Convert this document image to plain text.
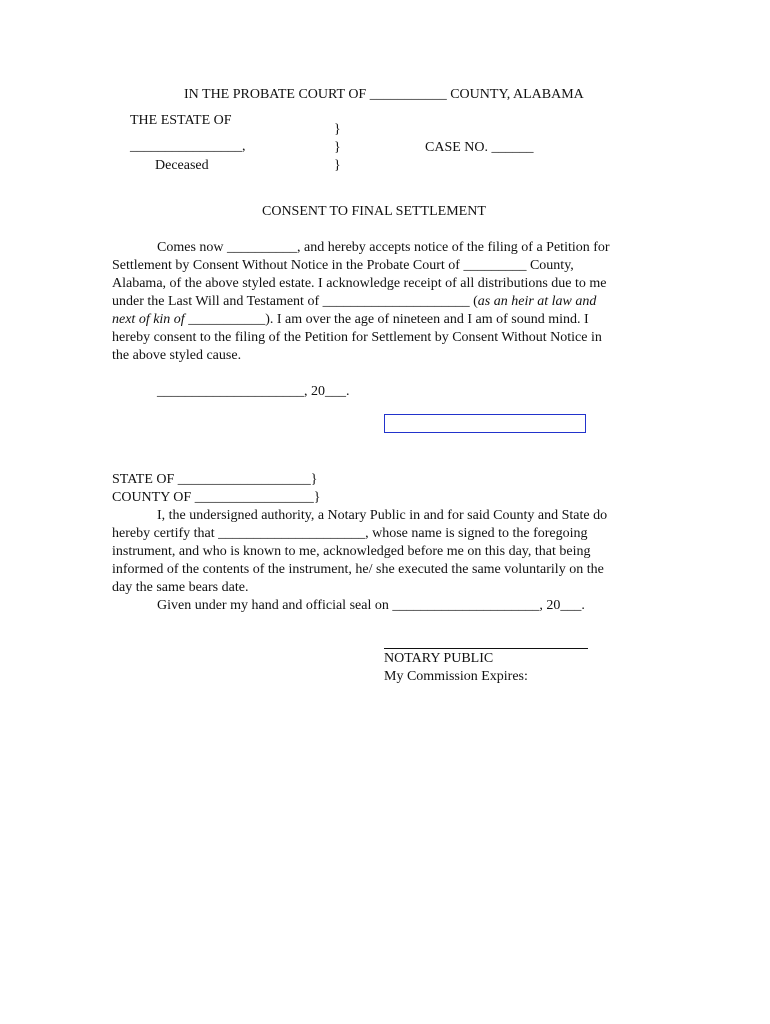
IN THE PROBATE COURT OF ___________ COUNTY, ALABAMA
THE ESTATE OF
________________,
Deceased
}
}
}
CASE NO. ______
CONSENT TO FINAL SETTLEMENT
Comes now __________, and hereby accepts notice of the filing of a Petition for
Settlement by Consent Without Notice in the Probate Court of _________ County,
Alabama, of the above styled estate. I acknowledge receipt of all distributions due to me
under the Last Will and Testament of _____________________ (as an heir at law and
next of kin of ___________). I am over the age of nineteen and I am of sound mind. I
hereby consent to the filing of the Petition for Settlement by Consent Without Notice in
the above styled cause.
_____________________, 20___.
STATE OF ___________________}
COUNTY OF _________________}
I, the undersigned authority, a Notary Public in and for said County and State do
hereby certify that _____________________, whose name is signed to the foregoing
instrument, and who is known to me, acknowledged before me on this day, that being
informed of the contents of the instrument, he/ she executed the same voluntarily on the
day the same bears date.
Given under my hand and official seal on _____________________, 20___.
NOTARY PUBLIC
My Commission Expires:
